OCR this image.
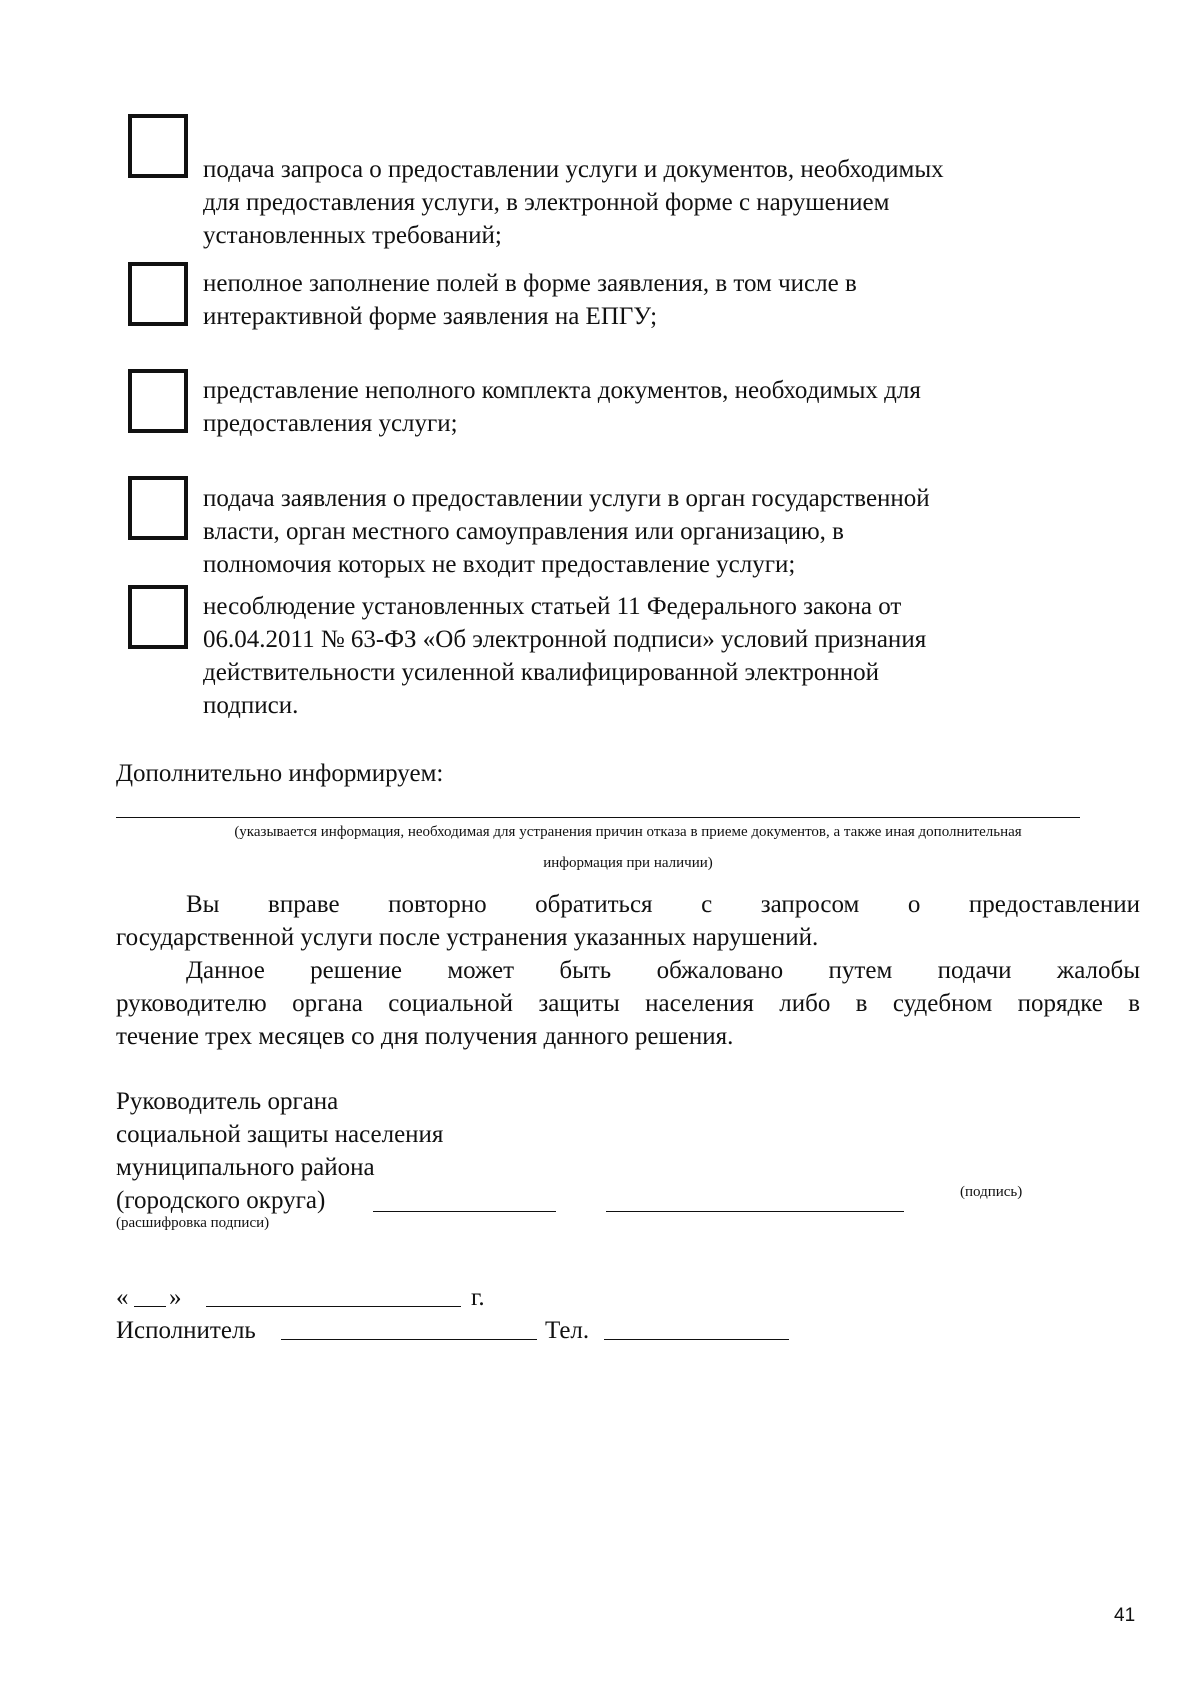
подача запроса о предоставлении услуги и документов, необходимых
для предоставления услуги, в электронной форме с нарушением
установленных требований;
неполное заполнение полей в форме заявления, в том числе в
интерактивной форме заявления на ЕПГУ;
представление неполного комплекта документов, необходимых для
предоставления услуги;
подача заявления о предоставлении услуги в орган государственной
власти, орган местного самоуправления или организацию, в
полномочия которых не входит предоставление услуги;
несоблюдение установленных статьей 11 Федерального закона от
06.04.2011 № 63-ФЗ «Об электронной подписи» условий признания
действительности усиленной квалифицированной электронной
подписи.
Дополнительно информируем:
(указывается информация, необходимая для устранения причин отказа в приеме документов, а также иная дополнительная
информация при наличии)
Вы вправе повторно обратиться с запросом о предоставлении
государственной услуги после устранения указанных нарушений.
Данное решение может быть обжаловано путем подачи жалобы
руководителю органа социальной защиты населения либо в судебном порядке в
течение трех месяцев со дня получения данного решения.
Руководитель органа
социальной защиты населения
муниципального района
(городского округа)	(подпись)
(расшифровка подписи)
« »	г.
Исполнитель	Тел.
41
